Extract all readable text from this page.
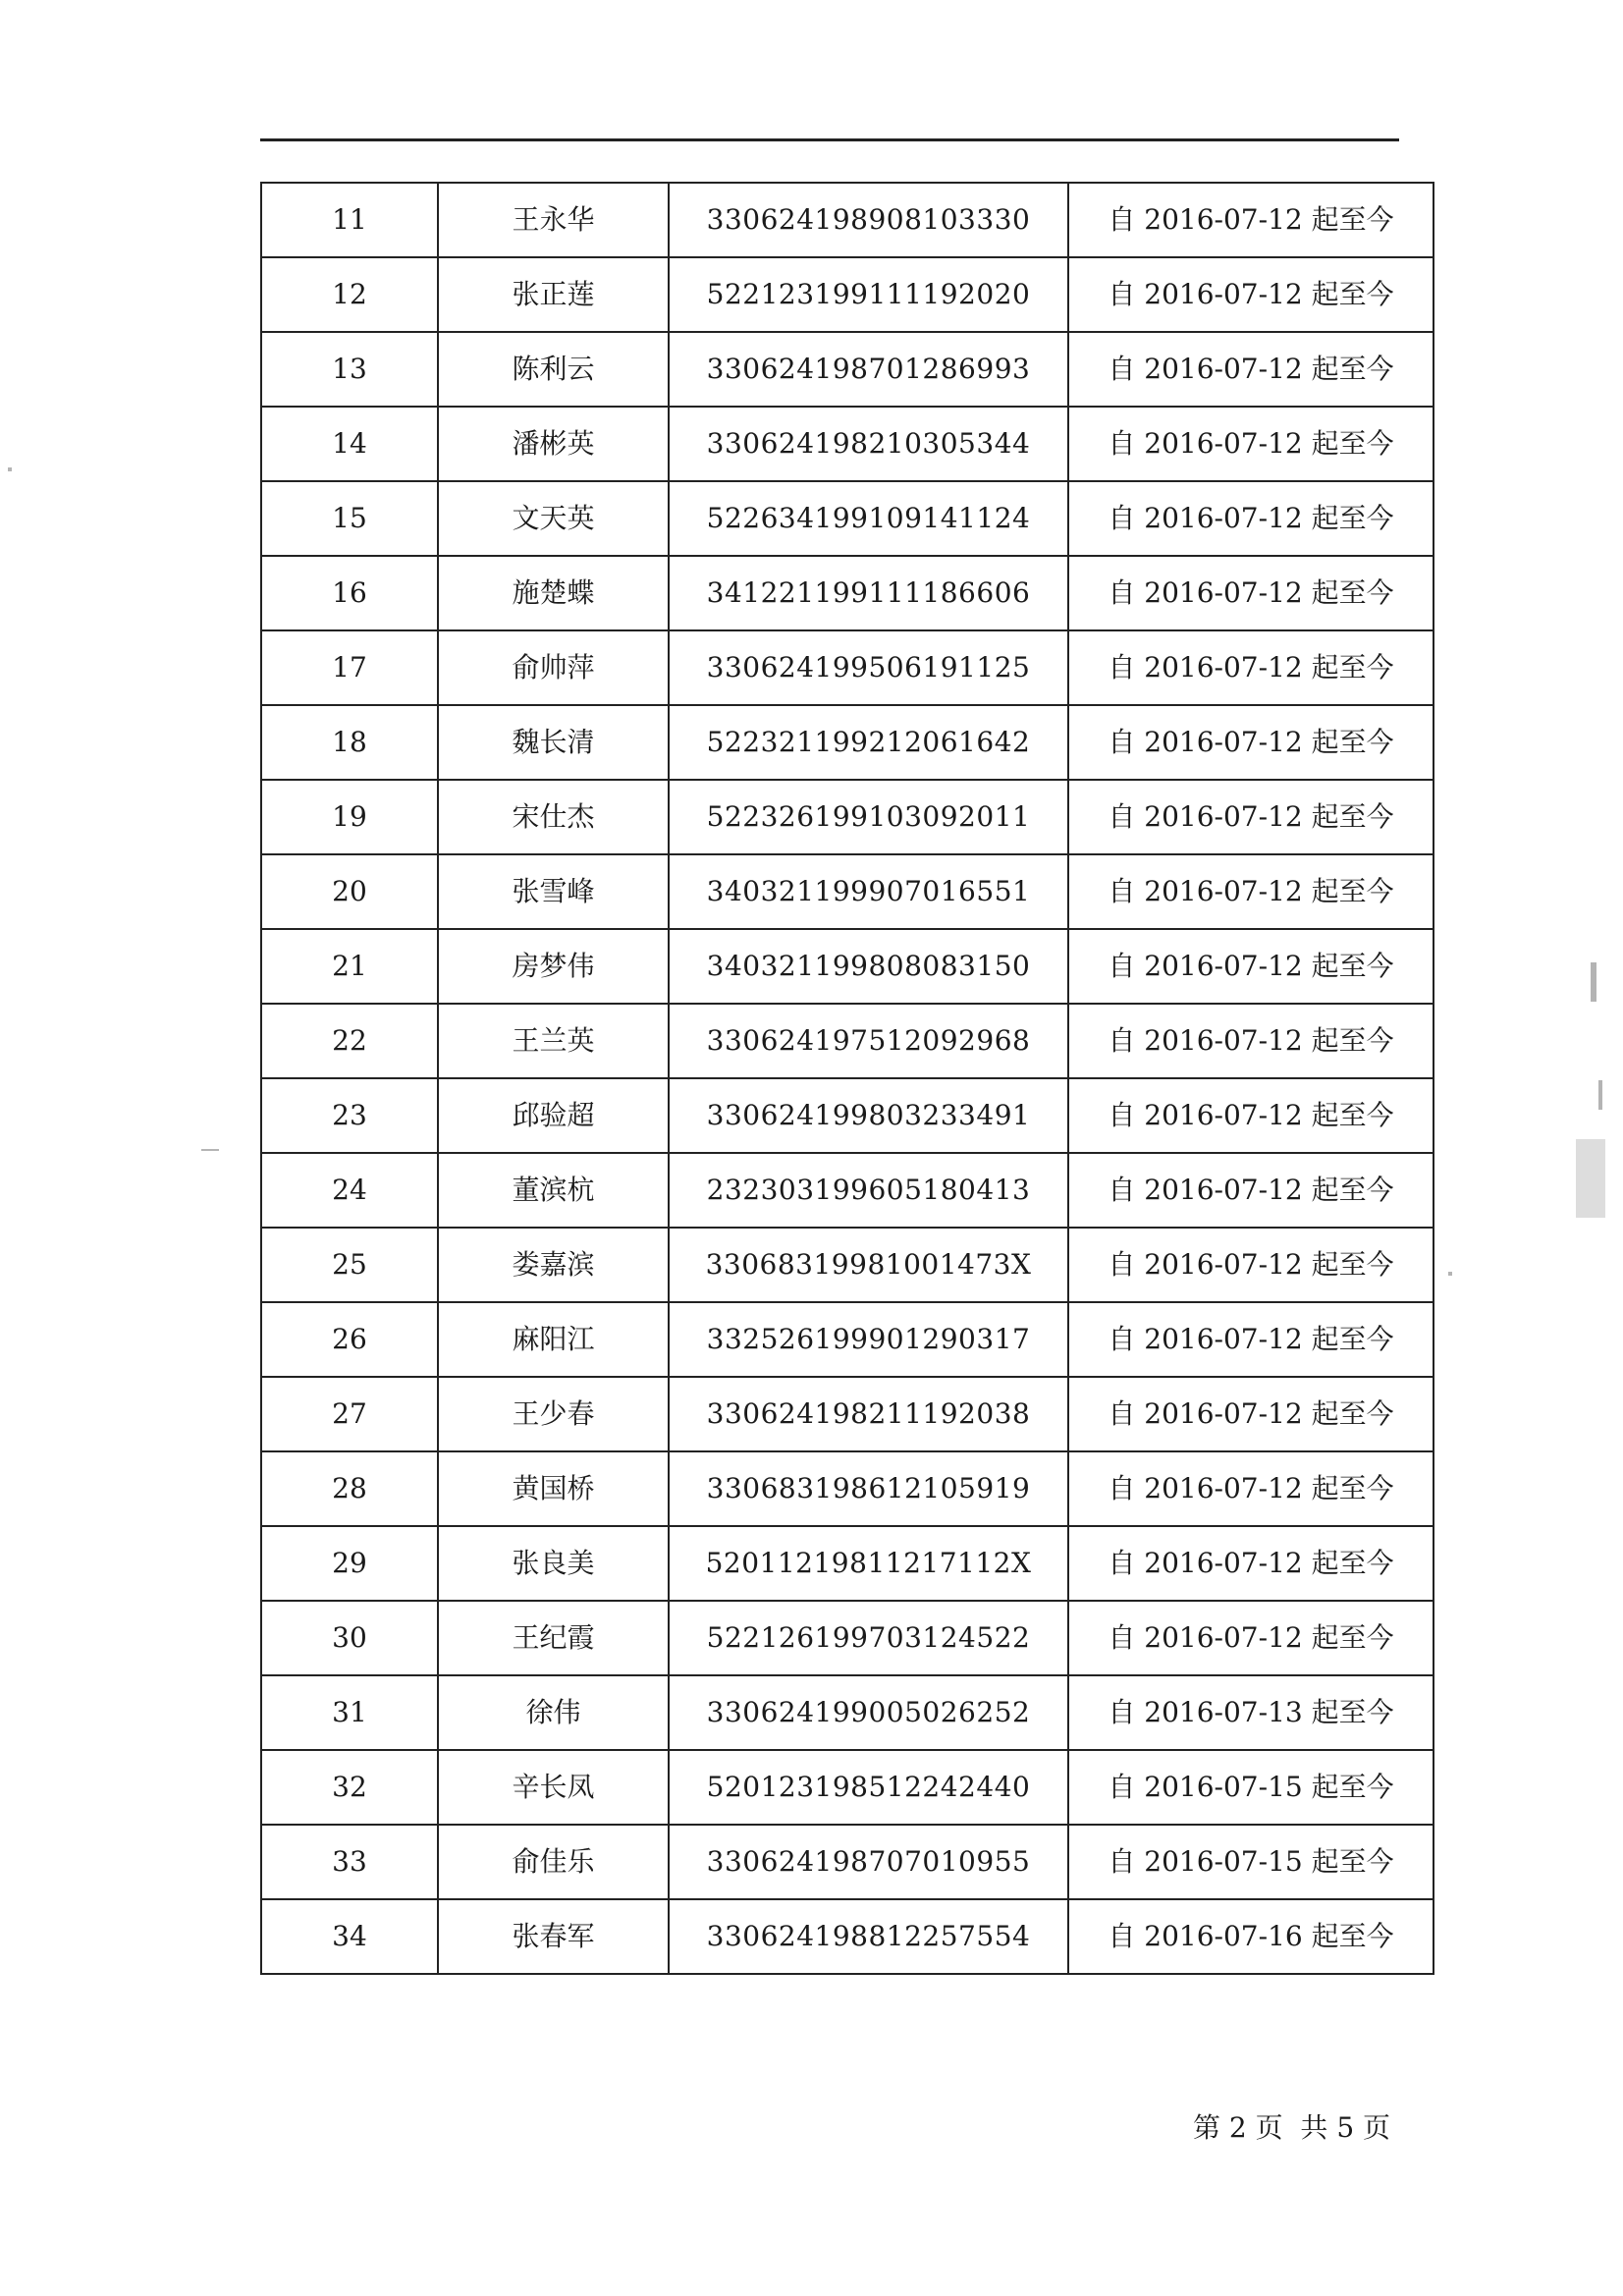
11	王永华	330624198908103330	自 2016-07-12 起至今
12	张正莲	522123199111192020	自 2016-07-12 起至今
13	陈利云	330624198701286993	自 2016-07-12 起至今
14	潘彬英	330624198210305344	自 2016-07-12 起至今
15	文天英	522634199109141124	自 2016-07-12 起至今
16	施楚蝶	341221199111186606	自 2016-07-12 起至今
17	俞帅萍	330624199506191125	自 2016-07-12 起至今
18	魏长清	522321199212061642	自 2016-07-12 起至今
19	宋仕杰	522326199103092011	自 2016-07-12 起至今
20	张雪峰	340321199907016551	自 2016-07-12 起至今
21	房梦伟	340321199808083150	自 2016-07-12 起至今
22	王兰英	330624197512092968	自 2016-07-12 起至今
23	邱验超	330624199803233491	自 2016-07-12 起至今
24	董滨杭	232303199605180413	自 2016-07-12 起至今
25	娄嘉滨	33068319981001473X	自 2016-07-12 起至今
26	麻阳江	332526199901290317	自 2016-07-12 起至今
27	王少春	330624198211192038	自 2016-07-12 起至今
28	黄国桥	330683198612105919	自 2016-07-12 起至今
29	张良美	52011219811217112X	自 2016-07-12 起至今
30	王纪霞	522126199703124522	自 2016-07-12 起至今
31	徐伟	330624199005026252	自 2016-07-13 起至今
32	辛长凤	520123198512242440	自 2016-07-15 起至今
33	俞佳乐	330624198707010955	自 2016-07-15 起至今
34	张春军	330624198812257554	自 2016-07-16 起至今
第 2 页  共 5 页
